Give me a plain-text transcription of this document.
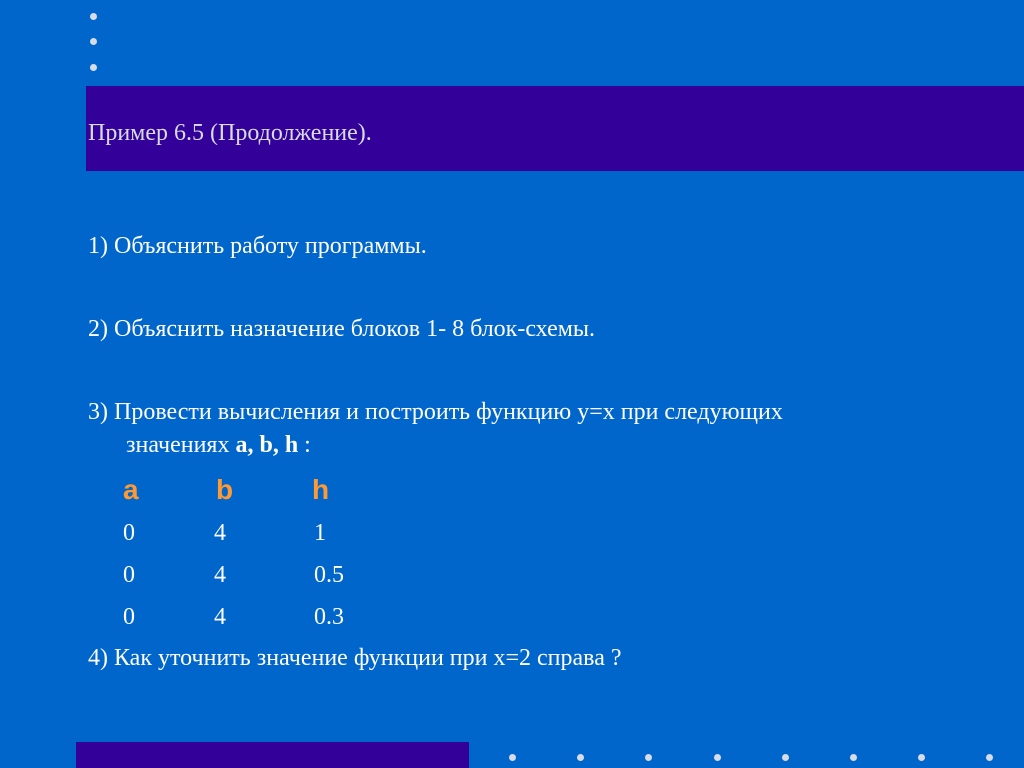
Пример 6.5 (Продолжение).
1) Объяснить работу программы.
2) Объяснить назначение блоков 1- 8 блок-схемы.
3) Провести вычисления и построить функцию y=x при следующих
значениях a, b, h :
a	b	h
0	4	1
0	4	0.5
0	4	0.3
4) Как уточнить значение функции при x=2 справа ?
